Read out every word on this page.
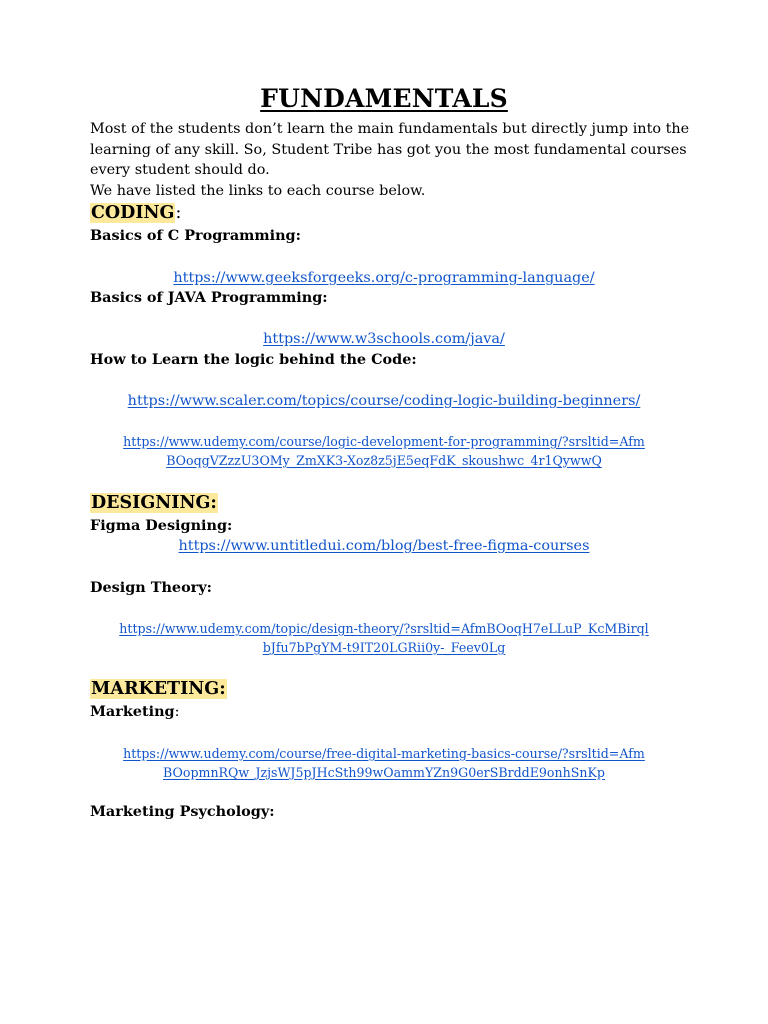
FUNDAMENTALS

Most of the students don’t learn the main fundamentals but directly jump into the learning of any skill. So, Student Tribe has got you the most fundamental courses every student should do.

We have listed the links to each course below.

CODING:
Basics of C Programming:
https://www.geeksforgeeks.org/c-programming-language/
Basics of JAVA Programming:
https://www.w3schools.com/java/
How to Learn the logic behind the Code:
https://www.scaler.com/topics/course/coding-logic-building-beginners/
https://www.udemy.com/course/logic-development-for-programming/?srsltid=Afm
BOoqgVZzzU3OMy_ZmXK3-Xoz8z5jE5eqFdK_skoushwc_4r1QywwQ
DESIGNING:
Figma Designing:
https://www.untitledui.com/blog/best-free-figma-courses
Design Theory:
https://www.udemy.com/topic/design-theory/?srsltid=AfmBOoqH7eLLuP_KcMBirql
bJfu7bPgYM-t9IT20LGRii0y-_Feev0Lg
MARKETING:
Marketing:
https://www.udemy.com/course/free-digital-marketing-basics-course/?srsltid=Afm
BOopmnRQw_JzjsWJ5pJHcSth99wOammYZn9G0erSBrddE9onhSnKp
Marketing Psychology:
